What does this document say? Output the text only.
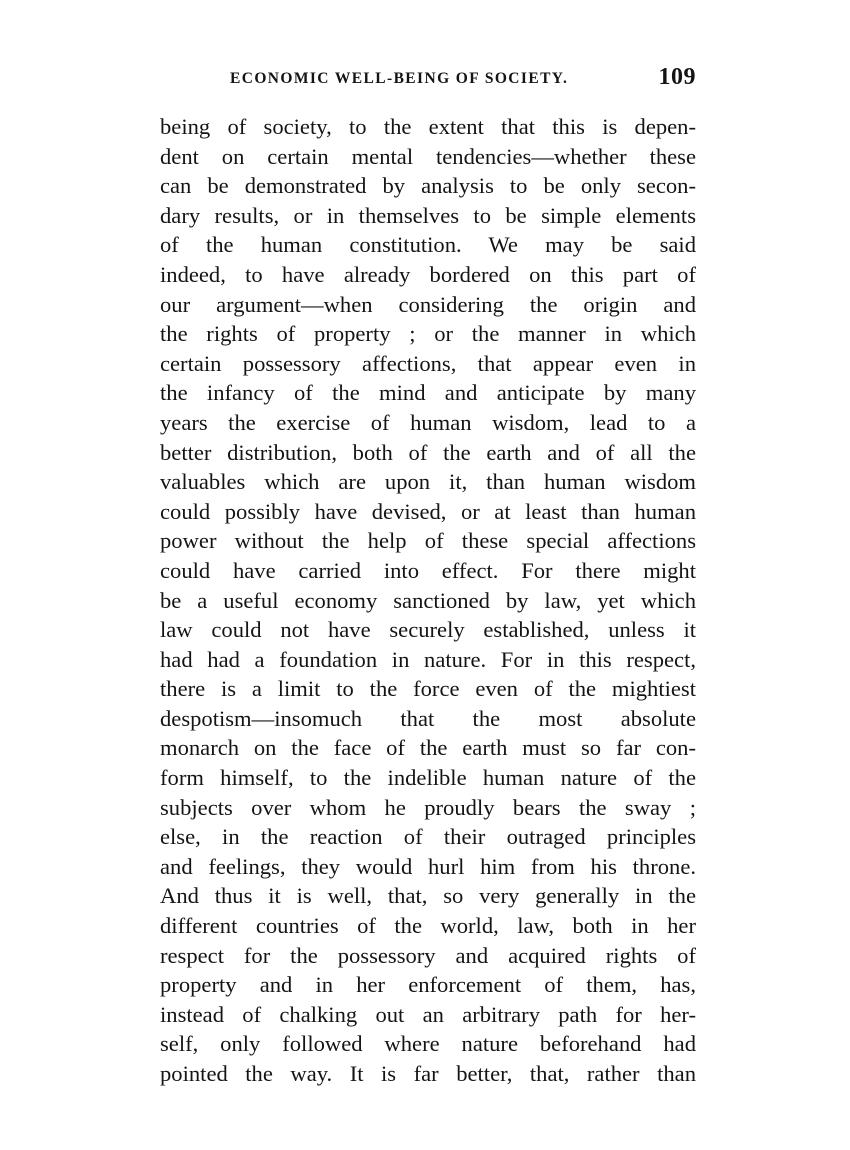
ECONOMIC WELL-BEING OF SOCIETY.	109
being of society, to the extent that this is depen-
dent on certain mental tendencies—whether these
can be demonstrated by analysis to be only secon-
dary results, or in themselves to be simple elements
of the human constitution. We may be said
indeed, to have already bordered on this part of
our argument—when considering the origin and
the rights of property ; or the manner in which
certain possessory affections, that appear even in
the infancy of the mind and anticipate by many
years the exercise of human wisdom, lead to a
better distribution, both of the earth and of all the
valuables which are upon it, than human wisdom
could possibly have devised, or at least than human
power without the help of these special affections
could have carried into effect. For there might
be a useful economy sanctioned by law, yet which
law could not have securely established, unless it
had had a foundation in nature. For in this respect,
there is a limit to the force even of the mightiest
despotism—insomuch that the most absolute
monarch on the face of the earth must so far con-
form himself, to the indelible human nature of the
subjects over whom he proudly bears the sway ;
else, in the reaction of their outraged principles
and feelings, they would hurl him from his throne.
And thus it is well, that, so very generally in the
different countries of the world, law, both in her
respect for the possessory and acquired rights of
property and in her enforcement of them, has,
instead of chalking out an arbitrary path for her-
self, only followed where nature beforehand had
pointed the way. It is far better, that, rather than
